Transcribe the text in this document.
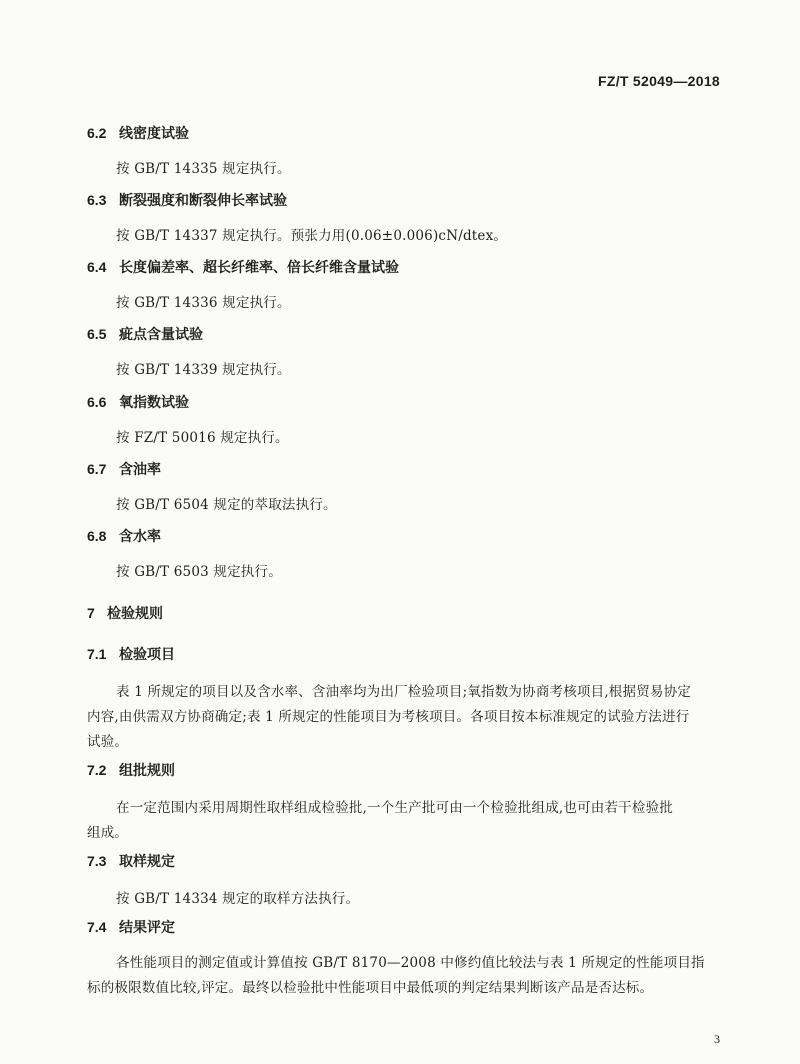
FZ/T 52049—2018
6.2 线密度试验
按 GB/T 14335 规定执行。
6.3 断裂强度和断裂伸长率试验
按 GB/T 14337 规定执行。预张力用(0.06±0.006)cN/dtex。
6.4 长度偏差率、超长纤维率、倍长纤维含量试验
按 GB/T 14336 规定执行。
6.5 疵点含量试验
按 GB/T 14339 规定执行。
6.6 氧指数试验
按 FZ/T 50016 规定执行。
6.7 含油率
按 GB/T 6504 规定的萃取法执行。
6.8 含水率
按 GB/T 6503 规定执行。
7 检验规则
7.1 检验项目
表 1 所规定的项目以及含水率、含油率均为出厂检验项目;氧指数为协商考核项目,根据贸易协定
内容,由供需双方协商确定;表 1 所规定的性能项目为考核项目。各项目按本标准规定的试验方法进行
试验。
7.2 组批规则
在一定范围内采用周期性取样组成检验批,一个生产批可由一个检验批组成,也可由若干检验批
组成。
7.3 取样规定
按 GB/T 14334 规定的取样方法执行。
7.4 结果评定
各性能项目的测定值或计算值按 GB/T 8170—2008 中修约值比较法与表 1 所规定的性能项目指
标的极限数值比较,评定。最终以检验批中性能项目中最低项的判定结果判断该产品是否达标。
3
